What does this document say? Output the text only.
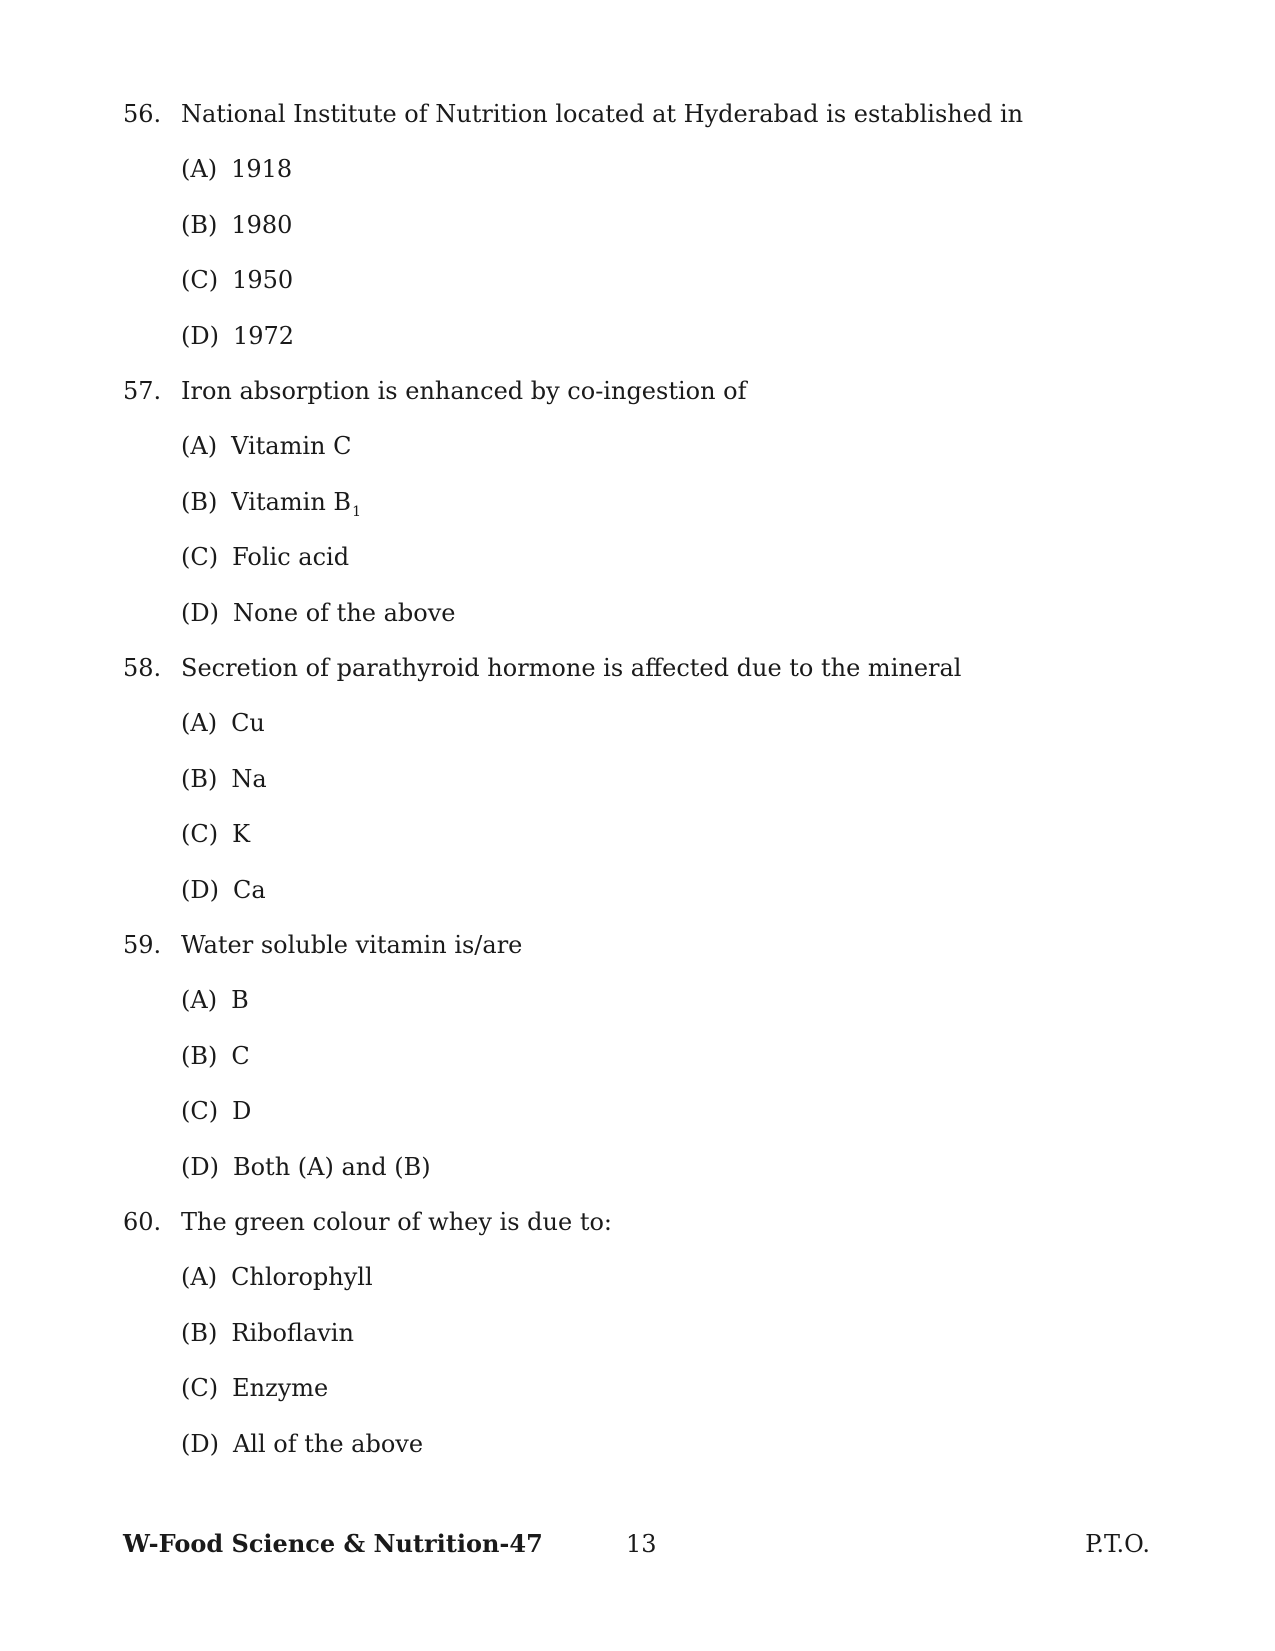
56. National Institute of Nutrition located at Hyderabad is established in
(A) 1918
(B) 1980
(C) 1950
(D) 1972
57. Iron absorption is enhanced by co-ingestion of
(A) Vitamin C
(B) Vitamin $B_1$
(C) Folic acid
(D) None of the above
58. Secretion of parathyroid hormone is affected due to the mineral
(A) Cu
(B) Na
(C) K
(D) Ca
59. Water soluble vitamin is/are
(A) B
(B) C
(C) D
(D) Both (A) and (B)
60. The green colour of whey is due to:
(A) Chlorophyll
(B) Riboflavin
(C) Enzyme
(D) All of the above
W-Food Science & Nutrition-47	13	P.T.O.
